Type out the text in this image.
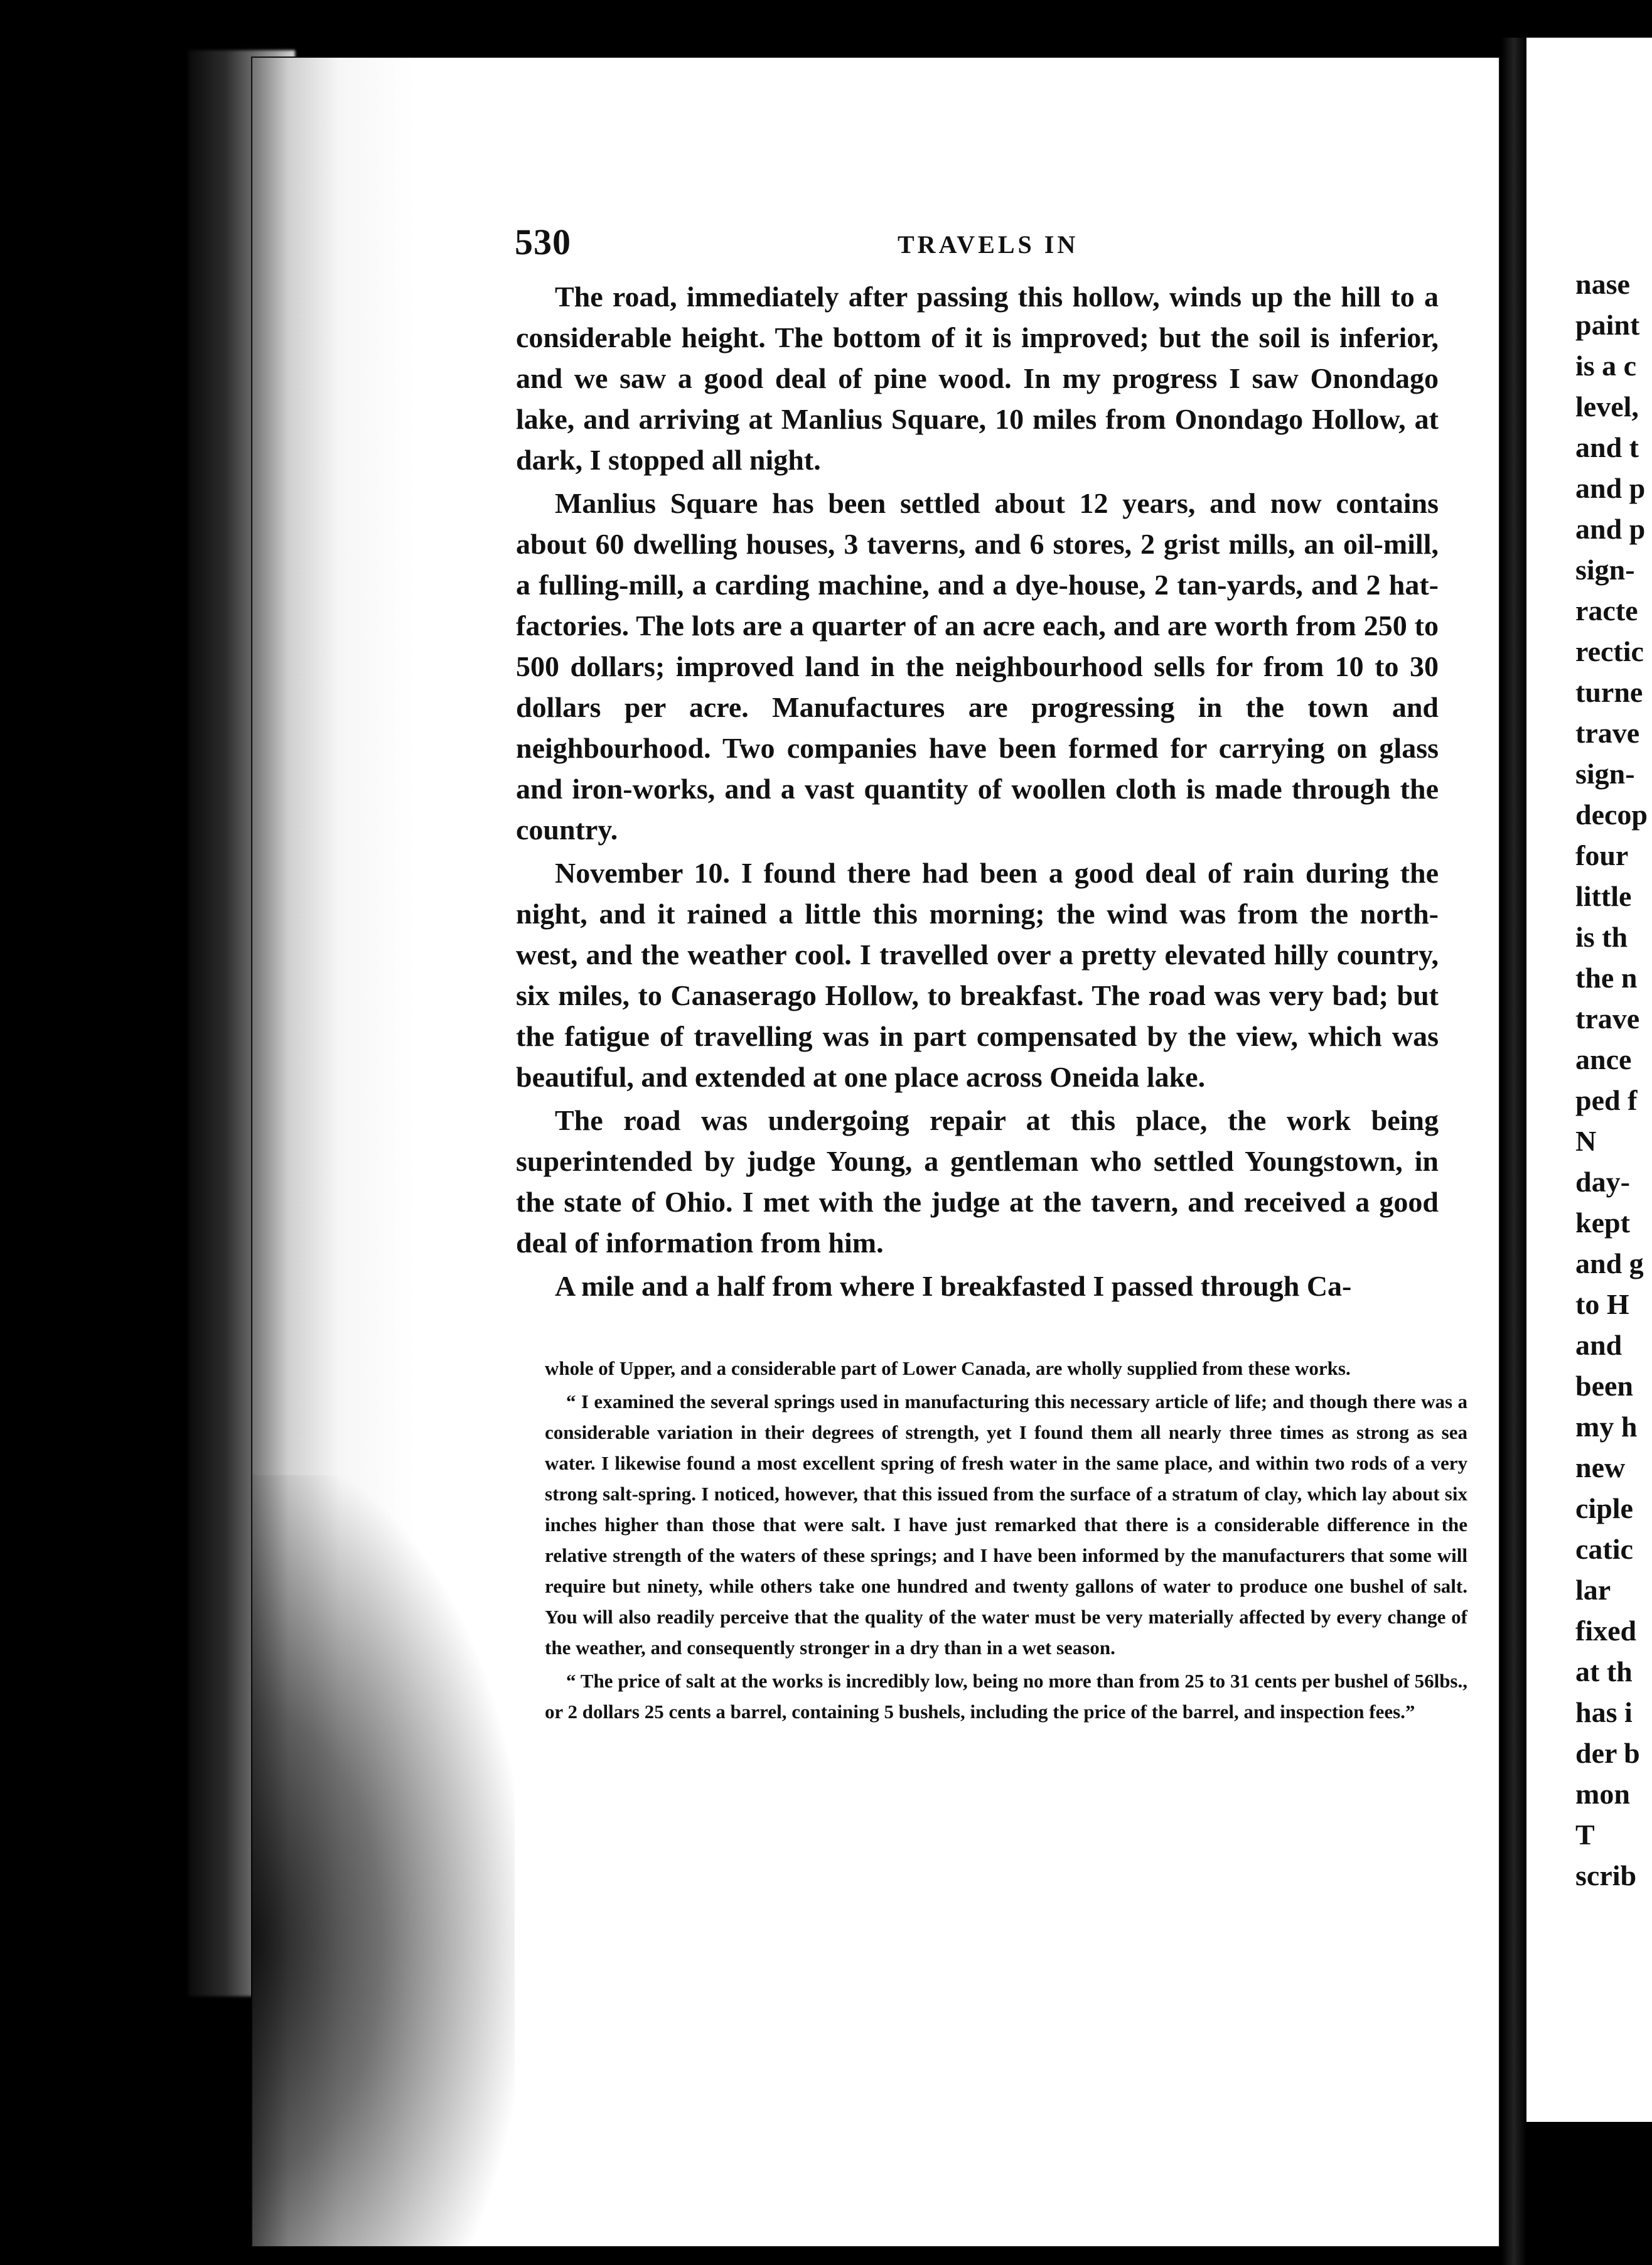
530	TRAVELS IN

The road, immediately after passing this hollow, winds up the hill to a considerable height. The bottom of it is improved; but the soil is inferior, and we saw a good deal of pine wood. In my progress I saw Onondago lake, and arriving at Manlius Square, 10 miles from Onondago Hollow, at dark, I stopped all night.

Manlius Square has been settled about 12 years, and now contains about 60 dwelling houses, 3 taverns, and 6 stores, 2 grist mills, an oil-mill, a fulling-mill, a carding machine, and a dye-house, 2 tan-yards, and 2 hat-factories. The lots are a quarter of an acre each, and are worth from 250 to 500 dollars; improved land in the neighbourhood sells for from 10 to 30 dollars per acre. Manufactures are progressing in the town and neighbourhood. Two companies have been formed for carrying on glass and iron-works, and a vast quantity of woollen cloth is made through the country.

November 10. I found there had been a good deal of rain during the night, and it rained a little this morning; the wind was from the north-west, and the weather cool. I travelled over a pretty elevated hilly country, six miles, to Canaserago Hollow, to breakfast. The road was very bad; but the fatigue of travelling was in part compensated by the view, which was beautiful, and extended at one place across Oneida lake.

The road was undergoing repair at this place, the work being superintended by judge Young, a gentleman who settled Youngstown, in the state of Ohio. I met with the judge at the tavern, and received a good deal of information from him.

A mile and a half from where I breakfasted I passed through Ca-

whole of Upper, and a considerable part of Lower Canada, are wholly supplied from these works.

“ I examined the several springs used in manufacturing this necessary article of life; and though there was a considerable variation in their degrees of strength, yet I found them all nearly three times as strong as sea water. I likewise found a most excellent spring of fresh water in the same place, and within two rods of a very strong salt-spring. I noticed, however, that this issued from the surface of a stratum of clay, which lay about six inches higher than those that were salt. I have just remarked that there is a considerable difference in the relative strength of the waters of these springs; and I have been informed by the manufacturers that some will require but ninety, while others take one hundred and twenty gallons of water to produce one bushel of salt. You will also readily perceive that the quality of the water must be very materially affected by every change of the weather, and consequently stronger in a dry than in a wet season.

“ The price of salt at the works is incredibly low, being no more than from 25 to 31 cents per bushel of 56lbs., or 2 dollars 25 cents a barrel, containing 5 bushels, including the price of the barrel, and inspection fees.”

nase
paint
is a c
level,
and t
and p
and p
sign-
racte
rectic
turne
trave
sign-
decop
four
little
is th
the n
trave
ance
ped f
N
day-
kept
and g
to H
and
been
my h
new
ciple
catic
lar
fixed
at th
has i
der b
mon
T
scrib
